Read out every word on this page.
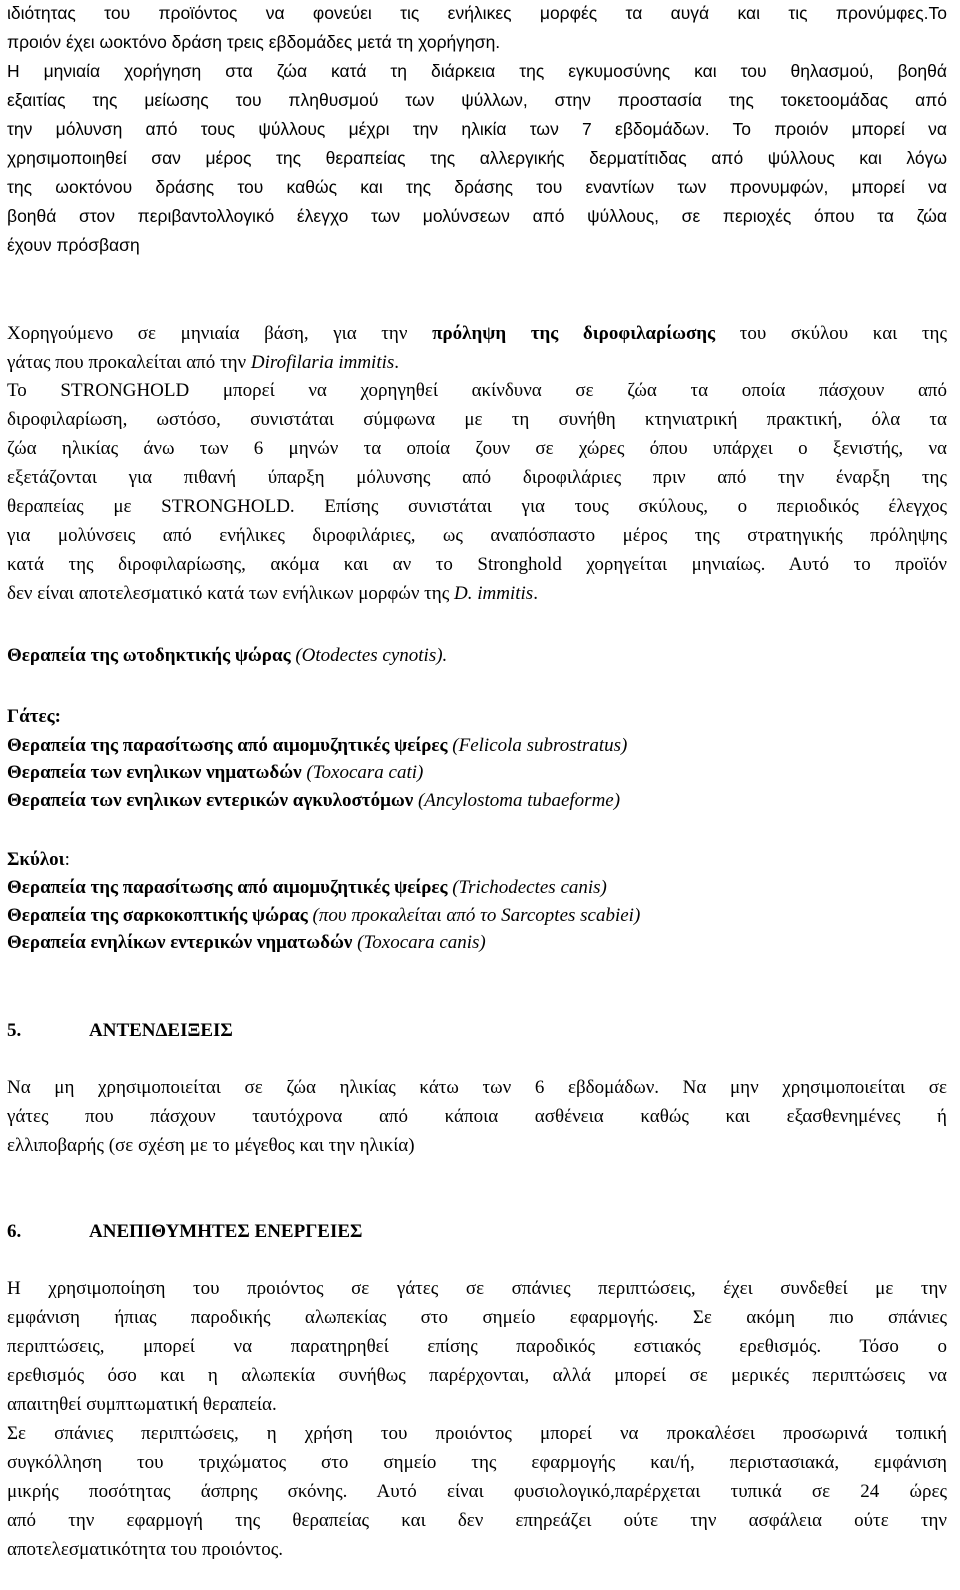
ιδιότητας του προϊόντος να φονεύει τις ενήλικες μορφές τα αυγά και τις προνύμφες.Το
προιόν έχει ωοκτόνο δράση τρεις εβδομάδες μετά τη χορήγηση.
Η μηνιαία χορήγηση στα ζώα κατά τη διάρκεια της εγκυμοσύνης και του θηλασμού, βοηθά
εξαιτίας της μείωσης του πληθυσμού των ψύλλων, στην προστασία της τοκετοομάδας από
την μόλυνση από τους ψύλλους μέχρι την ηλικία των 7 εβδομάδων. Το προιόν μπορεί να
χρησιμοποιηθεί σαν μέρος της θεραπείας της αλλεργικής δερματίτιδας από ψύλλους και λόγω
της ωοκτόνου δράσης του καθώς και της δράσης του εναντίων των προνυμφών, μπορεί να
βοηθά στον περιβαντολλογικό έλεγχο των μολύνσεων από ψύλλους, σε περιοχές όπου τα ζώα
έχουν πρόσβαση
Χορηγούμενο σε μηνιαία βάση, για την πρόληψη της διροφιλαρίωσης του σκύλου και της
γάτας που προκαλείται από την Dirofilaria immitis.
Το STRONGHOLD μπορεί να χορηγηθεί ακίνδυνα σε ζώα τα οποία πάσχουν από
διροφιλαρίωση, ωστόσο, συνιστάται σύμφωνα με τη συνήθη κτηνιατρική πρακτική, όλα τα
ζώα ηλικίας άνω των 6 μηνών τα οποία ζουν σε χώρες όπου υπάρχει ο ξενιστής, να
εξετάζονται για πιθανή ύπαρξη μόλυνσης από διροφιλάριες πριν από την έναρξη της
θεραπείας με STRONGHOLD. Επίσης συνιστάται για τους σκύλους, ο περιοδικός έλεγχος
για μολύνσεις από ενήλικες διροφιλάριες, ως αναπόσπαστο μέρος της στρατηγικής πρόληψης
κατά της διροφιλαρίωσης, ακόμα και αν το Stronghold χορηγείται μηνιαίως. Αυτό το προϊόν
δεν είναι αποτελεσματικό κατά των ενήλικων μορφών της D. immitis.
Θεραπεία της ωτοδηκτικής ψώρας (Otodectes cynotis).
Γάτες:
Θεραπεία της παρασίτωσης από αιμομυζητικές ψείρες (Felicola subrostratus)
Θεραπεία των ενηλικων νηματωδών (Toxocara cati)
Θεραπεία των ενηλικων εντερικών αγκυλοστόμων (Ancylostoma tubaeforme)
Σκύλοι:
Θεραπεία της παρασίτωσης από αιμομυζητικές ψείρες (Trichodectes canis)
Θεραπεία της σαρκοκοπτικής ψώρας (που προκαλείται από το Sarcoptes scabiei)
Θεραπεία ενηλίκων εντερικών νηματωδών (Toxocara canis)
5.	ΑΝΤΕΝΔΕΙΞΕΙΣ
Να μη χρησιμοποιείται σε ζώα ηλικίας κάτω των 6 εβδομάδων. Να μην χρησιμοποιείται σε
γάτες που πάσχουν ταυτόχρονα από κάποια ασθένεια καθώς και εξασθενημένες ή
ελλιποβαρής (σε σχέση με το μέγεθος και την ηλικία)
6.	ΑΝΕΠΙΘΥΜΗΤΕΣ ΕΝΕΡΓΕΙΕΣ
Η χρησιμοποίηση του προιόντος σε γάτες σε σπάνιες περιπτώσεις, έχει συνδεθεί με την
εμφάνιση ήπιας παροδικής αλωπεκίας στο σημείο εφαρμογής. Σε ακόμη πιο σπάνιες
περιπτώσεις, μπορεί να παρατηρηθεί επίσης παροδικός εστιακός ερεθισμός. Τόσο ο
ερεθισμός όσο και η αλωπεκία συνήθως παρέρχονται, αλλά μπορεί σε μερικές περιπτώσεις να
απαιτηθεί συμπτωματική θεραπεία.
Σε σπάνιες περιπτώσεις, η χρήση του προιόντος μπορεί να προκαλέσει προσωρινά τοπική
συγκόλληση του τριχώματος στο σημείο της εφαρμογής και/ή, περιστασιακά, εμφάνιση
μικρής ποσότητας άσπρης σκόνης. Αυτό είναι φυσιολογικό,παρέρχεται τυπικά σε 24 ώρες
από την εφαρμογή της θεραπείας και δεν επηρεάζει ούτε την ασφάλεια ούτε την
αποτελεσματικότητα του προιόντος.
